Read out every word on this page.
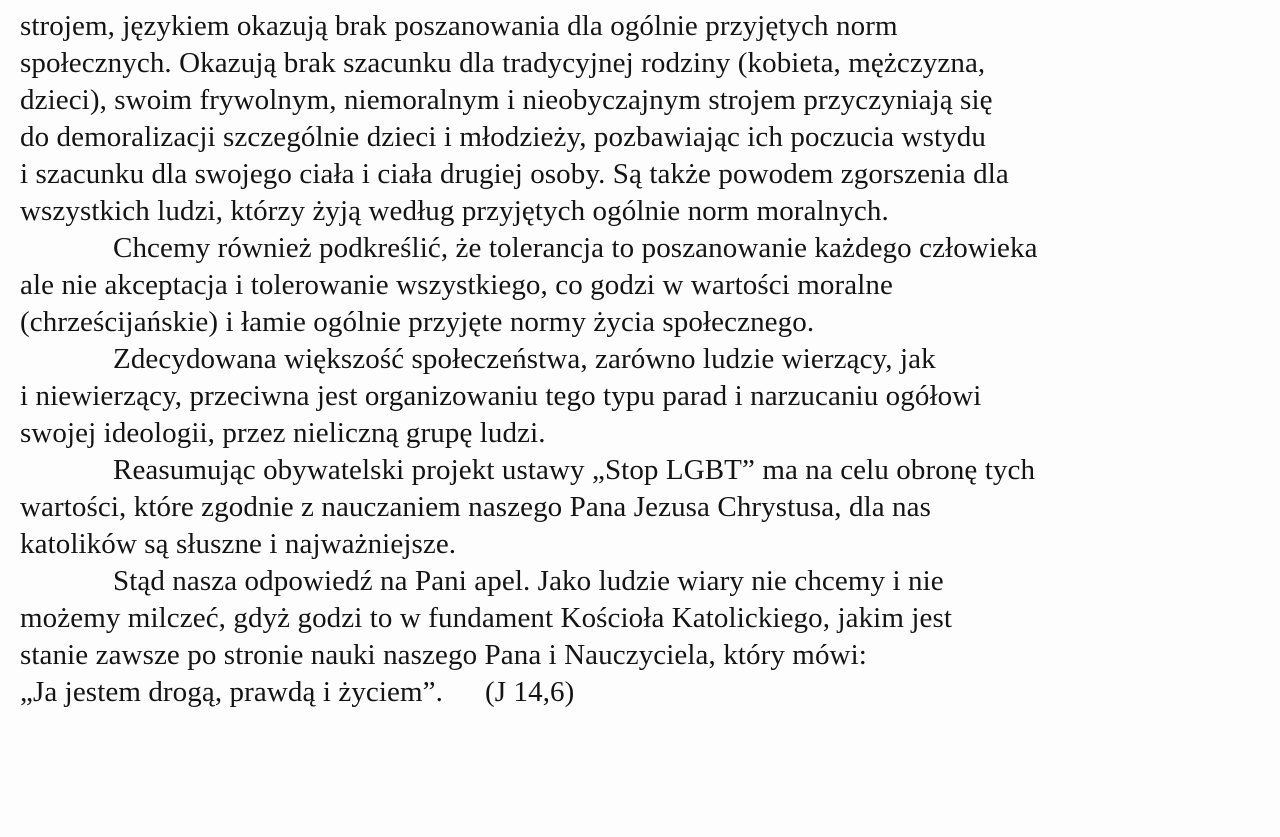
strojem, językiem okazują brak poszanowania dla ogólnie przyjętych norm
społecznych. Okazują brak szacunku dla tradycyjnej rodziny (kobieta, mężczyzna,
dzieci), swoim frywolnym, niemoralnym i nieobyczajnym strojem przyczyniają się
do demoralizacji szczególnie dzieci i młodzieży, pozbawiając ich poczucia wstydu
i szacunku dla swojego ciała i ciała drugiej osoby. Są także powodem zgorszenia dla
wszystkich ludzi, którzy żyją według przyjętych ogólnie norm moralnych.
Chcemy również podkreślić, że tolerancja to poszanowanie każdego człowieka
ale nie akceptacja i tolerowanie wszystkiego, co godzi w wartości moralne
(chrześcijańskie) i łamie ogólnie przyjęte normy życia społecznego.
Zdecydowana większość społeczeństwa, zarówno ludzie wierzący, jak
i niewierzący, przeciwna jest organizowaniu tego typu parad i narzucaniu ogółowi
swojej ideologii, przez nieliczną grupę ludzi.
Reasumując obywatelski projekt ustawy „Stop LGBT” ma na celu obronę tych
wartości, które zgodnie z nauczaniem naszego Pana Jezusa Chrystusa, dla nas
katolików są słuszne i najważniejsze.
Stąd nasza odpowiedź na Pani apel. Jako ludzie wiary nie chcemy i nie
możemy milczeć, gdyż godzi to w fundament Kościoła Katolickiego, jakim jest
stanie zawsze po stronie nauki naszego Pana i Nauczyciela, który mówi:
„Ja jestem drogą, prawdą i życiem”. (J 14,6)
